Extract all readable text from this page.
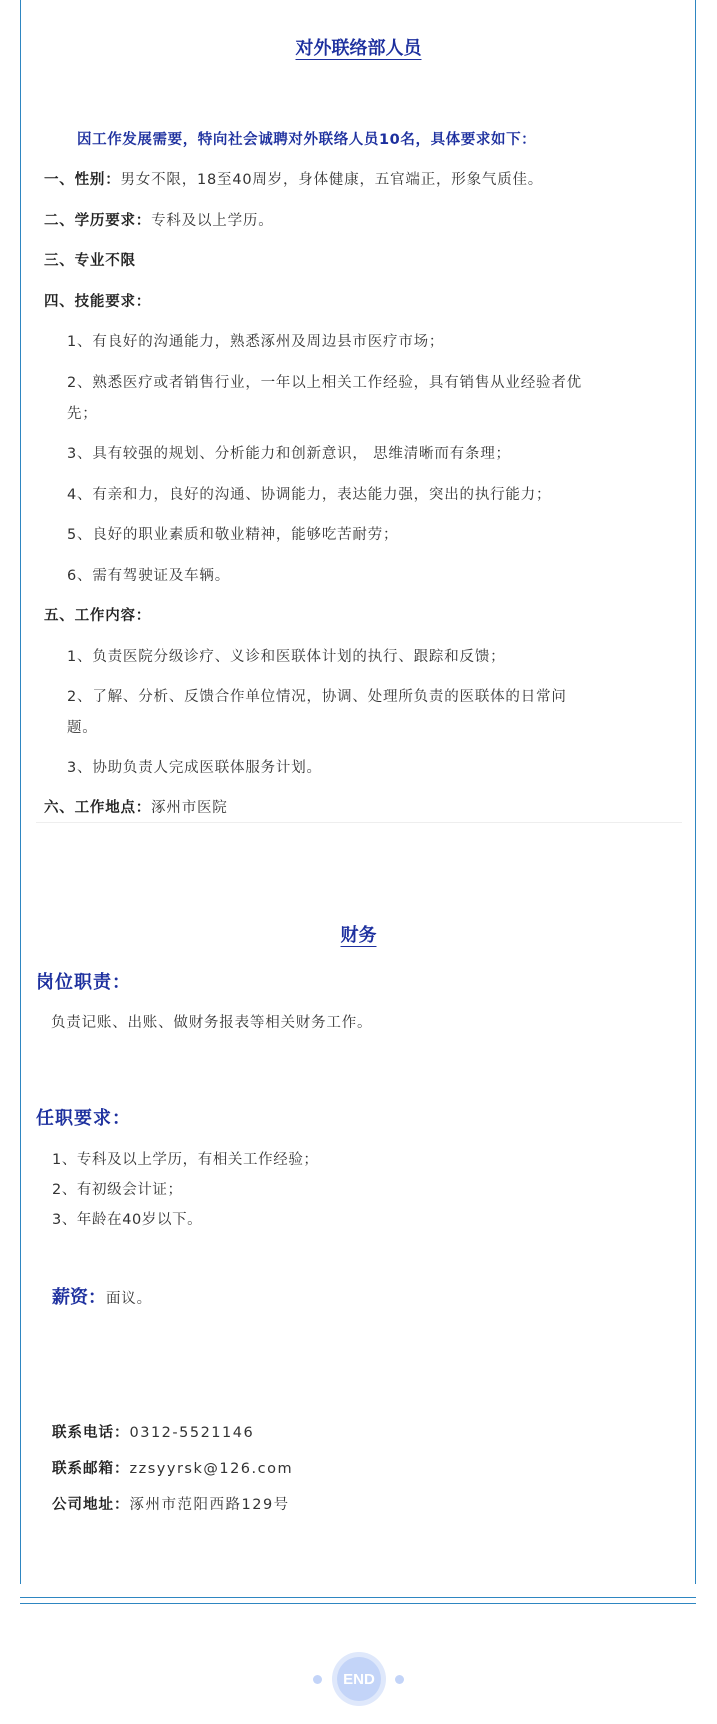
对外联络部人员
因工作发展需要，特向社会诚聘对外联络人员10名，具体要求如下：
一、性别：男女不限，18至40周岁，身体健康，五官端正，形象气质佳。
二、学历要求：专科及以上学历。
三、专业不限
四、技能要求：
1、有良好的沟通能力，熟悉涿州及周边县市医疗市场；
2、熟悉医疗或者销售行业，一年以上相关工作经验，具有销售从业经验者优
先；
3、具有较强的规划、分析能力和创新意识， 思维清晰而有条理；
4、有亲和力，良好的沟通、协调能力，表达能力强，突出的执行能力；
5、良好的职业素质和敬业精神，能够吃苦耐劳；
6、需有驾驶证及车辆。
五、工作内容：
1、负责医院分级诊疗、义诊和医联体计划的执行、跟踪和反馈；
2、了解、分析、反馈合作单位情况，协调、处理所负责的医联体的日常问
题。
3、协助负责人完成医联体服务计划。
六、工作地点：涿州市医院
财务
岗位职责：
负责记账、出账、做财务报表等相关财务工作。
任职要求：
1、专科及以上学历，有相关工作经验；
2、有初级会计证；
3、年龄在40岁以下。
薪资：面议。
联系电话：0312-5521146
联系邮箱：zzsyyrsk@126.com
公司地址：涿州市范阳西路129号
END
